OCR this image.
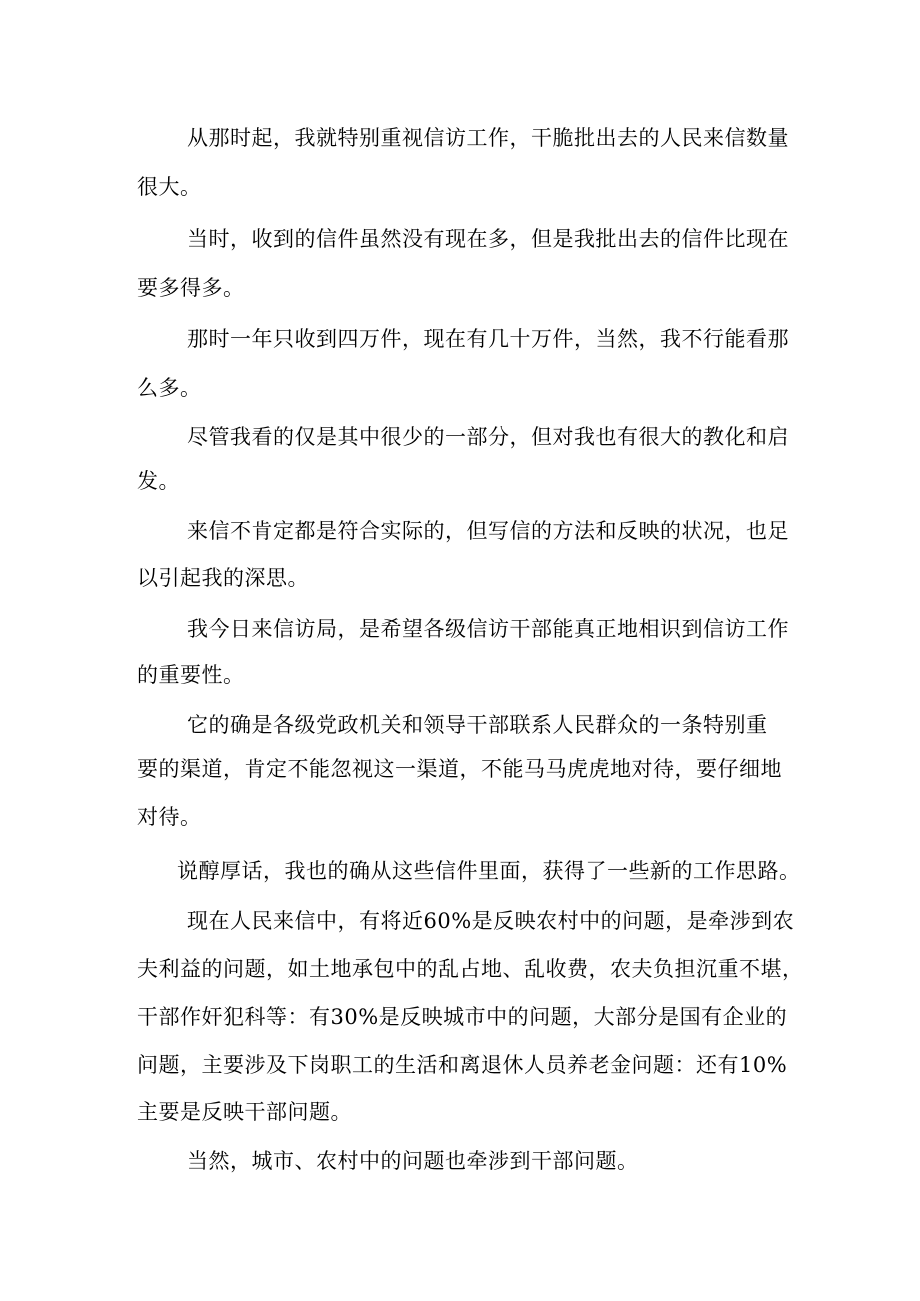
从那时起，我就特别重视信访工作，干脆批出去的人民来信数量
很大。
当时，收到的信件虽然没有现在多，但是我批出去的信件比现在
要多得多。
那时一年只收到四万件，现在有几十万件，当然，我不行能看那
么多。
尽管我看的仅是其中很少的一部分，但对我也有很大的教化和启
发。
来信不肯定都是符合实际的，但写信的方法和反映的状况，也足
以引起我的深思。
我今日来信访局，是希望各级信访干部能真正地相识到信访工作
的重要性。
它的确是各级党政机关和领导干部联系人民群众的一条特别重
要的渠道，肯定不能忽视这一渠道，不能马马虎虎地对待，要仔细地
对待。
说醇厚话，我也的确从这些信件里面，获得了一些新的工作思路。
现在人民来信中，有将近60%是反映农村中的问题，是牵涉到农
夫利益的问题，如土地承包中的乱占地、乱收费，农夫负担沉重不堪，
干部作奸犯科等：有30%是反映城市中的问题，大部分是国有企业的
问题，主要涉及下岗职工的生活和离退休人员养老金问题：还有10%
主要是反映干部问题。
当然，城市、农村中的问题也牵涉到干部问题。
